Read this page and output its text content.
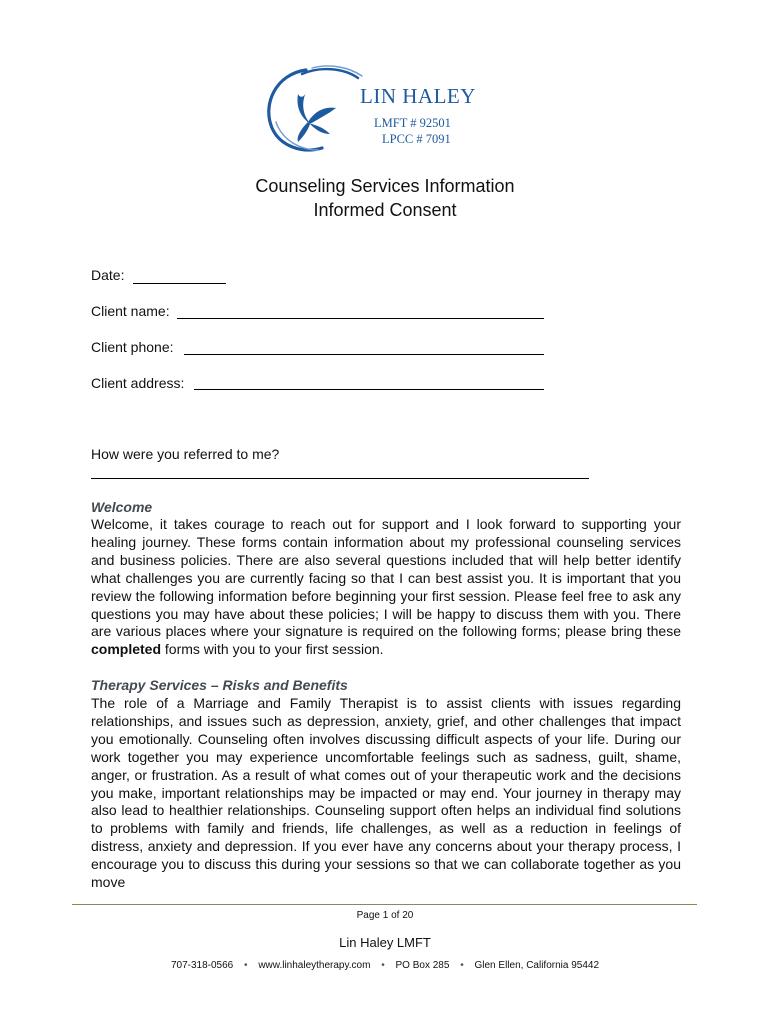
LIN HALEY
LMFT # 92501
LPCC # 7091
Counseling Services Information
Informed Consent
Date:
Client name:
Client phone:
Client address:
How were you referred to me?
Welcome
Welcome, it takes courage to reach out for support and I look forward to supporting your healing journey. These forms contain information about my professional counseling services and business policies. There are also several questions included that will help better identify what challenges you are currently facing so that I can best assist you. It is important that you review the following information before beginning your first session. Please feel free to ask any questions you may have about these policies; I will be happy to discuss them with you. There are various places where your signature is required on the following forms; please bring these completed forms with you to your first session.
Therapy Services – Risks and Benefits
The role of a Marriage and Family Therapist is to assist clients with issues regarding relationships, and issues such as depression, anxiety, grief, and other challenges that impact you emotionally. Counseling often involves discussing difficult aspects of your life. During our work together you may experience uncomfortable feelings such as sadness, guilt, shame, anger, or frustration. As a result of what comes out of your therapeutic work and the decisions you make, important relationships may be impacted or may end. Your journey in therapy may also lead to healthier relationships. Counseling support often helps an individual find solutions to problems with family and friends, life challenges, as well as a reduction in feelings of distress, anxiety and depression. If you ever have any concerns about your therapy process, I encourage you to discuss this during your sessions so that we can collaborate together as you move
Page 1 of 20
Lin Haley LMFT
707-318-0566 • www.linhaleytherapy.com • PO Box 285 • Glen Ellen, California 95442
